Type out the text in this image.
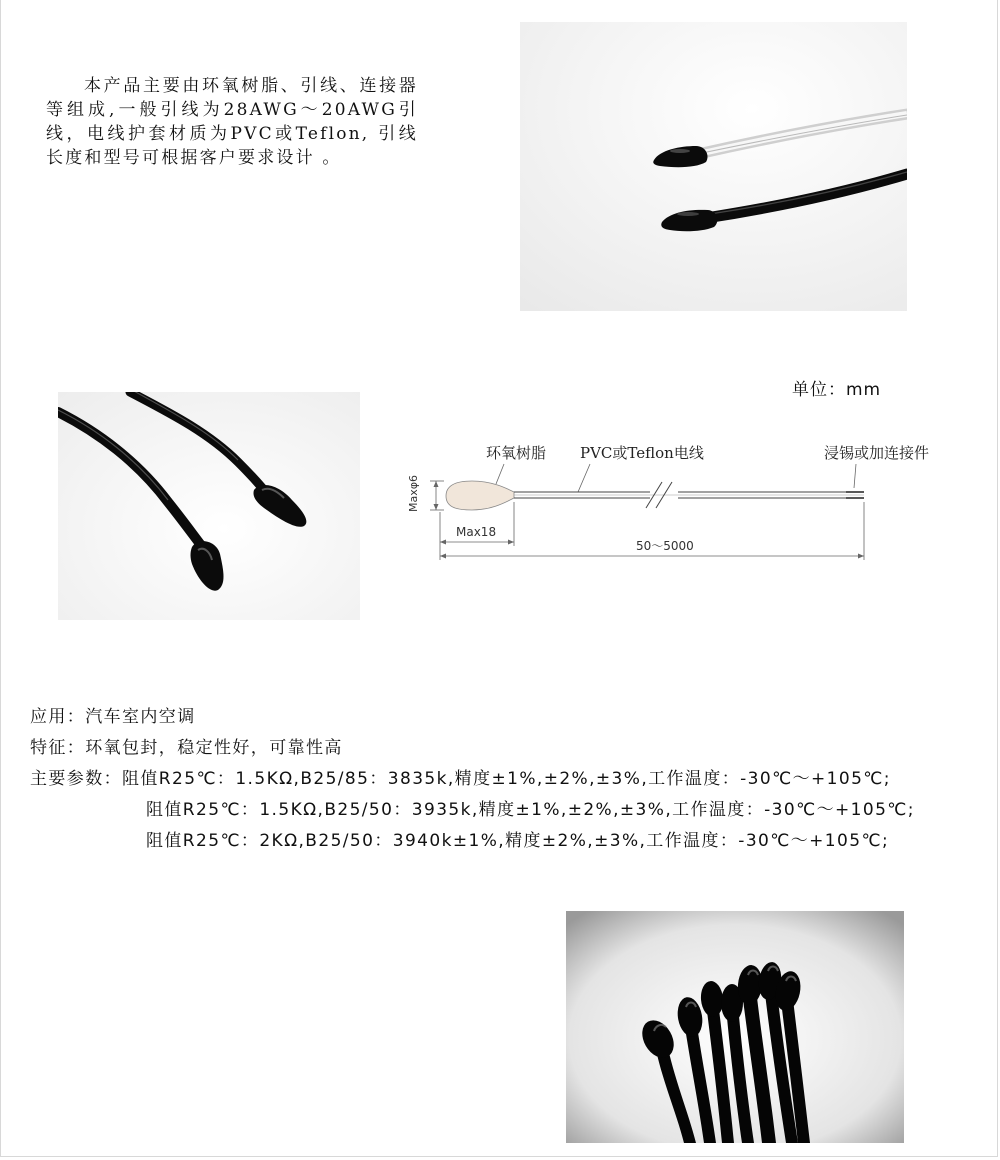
本产品主要由环氧树脂、引线、连接器等组成,一般引线为28AWG～20AWG引线，电线护套材质为PVC或Teflon, 引线长度和型号可根据客户要求设计 。
单位：mm
环氧树脂 PVC或Teflon电线	浸锡或加连接件
Maxφ6
Max18
50～5000
应用：汽车室内空调
特征：环氧包封，稳定性好，可靠性高
主要参数：阻值R25℃：1.5KΩ,B25/85：3835k,精度±1%,±2%,±3%,工作温度：-30℃～+105℃;
阻值R25℃：1.5KΩ,B25/50：3935k,精度±1%,±2%,±3%,工作温度：-30℃～+105℃;
阻值R25℃：2KΩ,B25/50：3940k±1%,精度±2%,±3%,工作温度：-30℃～+105℃;
